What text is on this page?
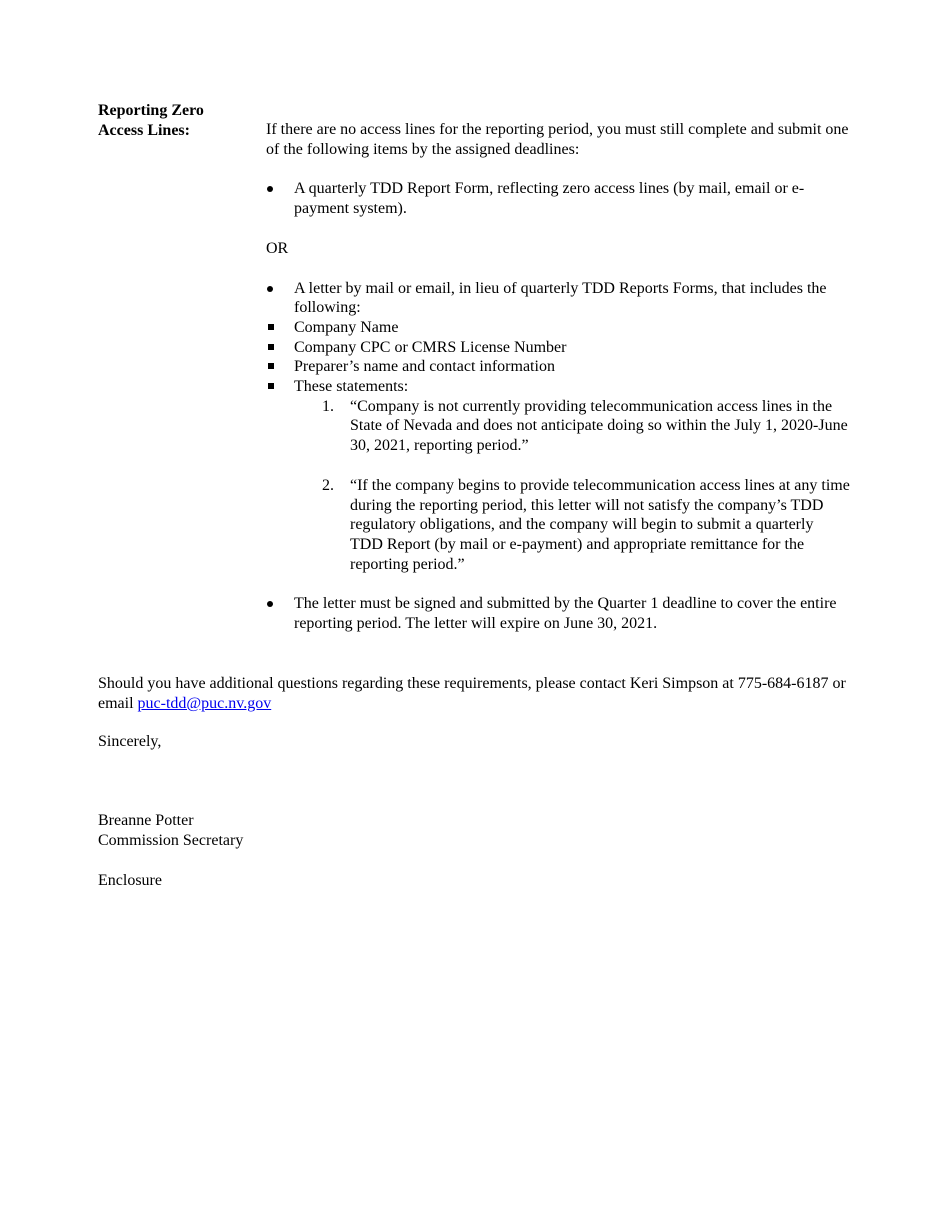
Reporting Zero
Access Lines:	If there are no access lines for the reporting period, you must still complete and submit one of the following items by the assigned deadlines:

A quarterly TDD Report Form, reflecting zero access lines (by mail, email or e-payment system).

OR

A letter by mail or email, in lieu of quarterly TDD Reports Forms, that includes the following:
Company Name
Company CPC or CMRS License Number
Preparer’s name and contact information
These statements:
1. “Company is not currently providing telecommunication access lines in the State of Nevada and does not anticipate doing so within the July 1, 2020-June 30, 2021, reporting period.”
2. “If the company begins to provide telecommunication access lines at any time during the reporting period, this letter will not satisfy the company’s TDD regulatory obligations, and the company will begin to submit a quarterly TDD Report (by mail or e-payment) and appropriate remittance for the reporting period.”
The letter must be signed and submitted by the Quarter 1 deadline to cover the entire reporting period. The letter will expire on June 30, 2021.

Should you have additional questions regarding these requirements, please contact Keri Simpson at 775-684-6187 or email puc-tdd@puc.nv.gov

Sincerely,

Breanne Potter

Commission Secretary

Enclosure
